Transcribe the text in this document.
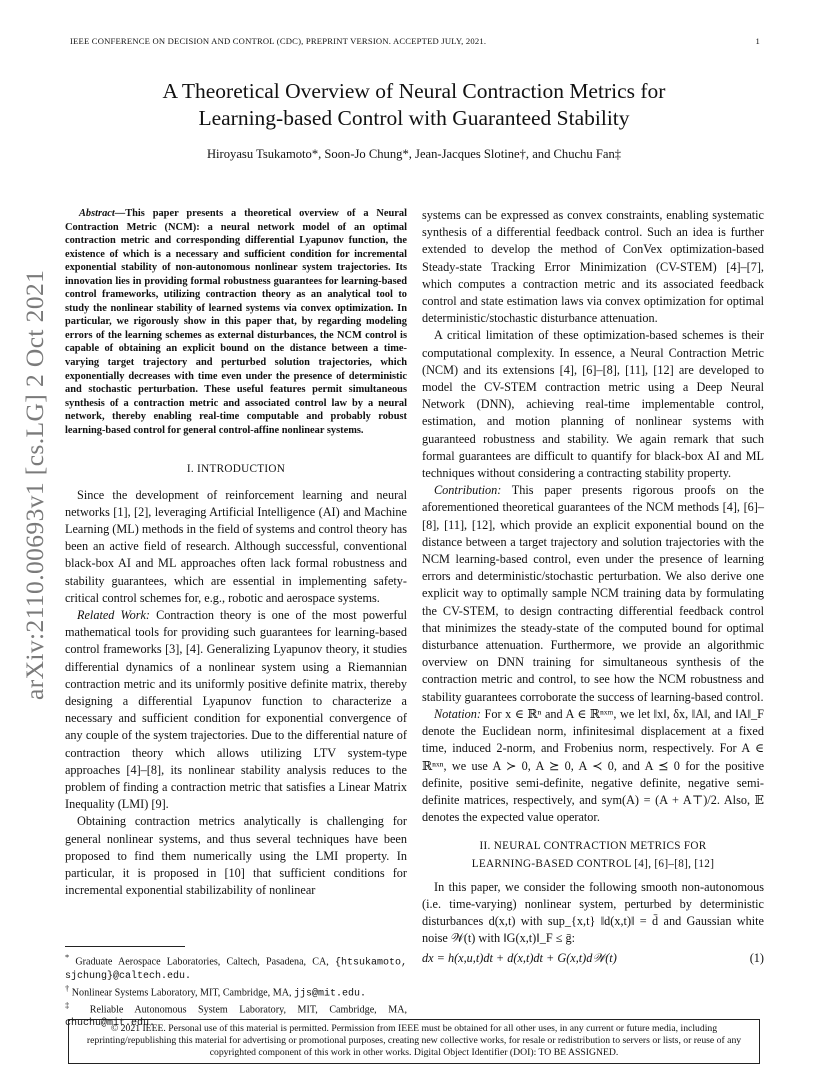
IEEE CONFERENCE ON DECISION AND CONTROL (CDC), PREPRINT VERSION. ACCEPTED JULY, 2021.	1
arXiv:2110.00693v1 [cs.LG] 2 Oct 2021
A Theoretical Overview of Neural Contraction Metrics for
Learning-based Control with Guaranteed Stability
Hiroyasu Tsukamoto*, Soon-Jo Chung*, Jean-Jacques Slotine†, and Chuchu Fan‡
Abstract—This paper presents a theoretical overview of a Neural Contraction Metric (NCM): a neural network model of an optimal contraction metric and corresponding differential Lyapunov function, the existence of which is a necessary and sufficient condition for incremental exponential stability of non-autonomous nonlinear system trajectories. Its innovation lies in providing formal robustness guarantees for learning-based control frameworks, utilizing contraction theory as an analytical tool to study the nonlinear stability of learned systems via convex optimization. In particular, we rigorously show in this paper that, by regarding modeling errors of the learning schemes as external disturbances, the NCM control is capable of obtaining an explicit bound on the distance between a time-varying target trajectory and perturbed solution trajectories, which exponentially decreases with time even under the presence of deterministic and stochastic perturbation. These useful features permit simultaneous synthesis of a contraction metric and associated control law by a neural network, thereby enabling real-time computable and probably robust learning-based control for general control-affine nonlinear systems.
I. INTRODUCTION

Since the development of reinforcement learning and neural networks [1], [2], leveraging Artificial Intelligence (AI) and Machine Learning (ML) methods in the field of systems and control theory has been an active field of research. Although successful, conventional black-box AI and ML approaches often lack formal robustness and stability guarantees, which are essential in implementing safety-critical control schemes for, e.g., robotic and aerospace systems.

Related Work: Contraction theory is one of the most powerful mathematical tools for providing such guarantees for learning-based control frameworks [3], [4]. Generalizing Lyapunov theory, it studies differential dynamics of a nonlinear system using a Riemannian contraction metric and its uniformly positive definite matrix, thereby designing a differential Lyapunov function to characterize a necessary and sufficient condition for exponential convergence of any couple of the system trajectories. Due to the differential nature of contraction theory which allows utilizing LTV system-type approaches [4]–[8], its nonlinear stability analysis reduces to the problem of finding a contraction metric that satisfies a Linear Matrix Inequality (LMI) [9].

Obtaining contraction metrics analytically is challenging for general nonlinear systems, and thus several techniques have been proposed to find them numerically using the LMI property. In particular, it is proposed in [10] that sufficient conditions for incremental exponential stabilizability of nonlinear

* Graduate Aerospace Laboratories, Caltech, Pasadena, CA, {htsukamoto, sjchung}@caltech.edu.
† Nonlinear Systems Laboratory, MIT, Cambridge, MA, jjs@mit.edu.
‡ Reliable Autonomous System Laboratory, MIT, Cambridge, MA, chuchu@mit.edu.

systems can be expressed as convex constraints, enabling systematic synthesis of a differential feedback control. Such an idea is further extended to develop the method of ConVex optimization-based Steady-state Tracking Error Minimization (CV-STEM) [4]–[7], which computes a contraction metric and its associated feedback control and state estimation laws via convex optimization for optimal deterministic/stochastic disturbance attenuation.

A critical limitation of these optimization-based schemes is their computational complexity. In essence, a Neural Contraction Metric (NCM) and its extensions [4], [6]–[8], [11], [12] are developed to model the CV-STEM contraction metric using a Deep Neural Network (DNN), achieving real-time implementable control, estimation, and motion planning of nonlinear systems with guaranteed robustness and stability. We again remark that such formal guarantees are difficult to quantify for black-box AI and ML techniques without considering a contracting stability property.

Contribution: This paper presents rigorous proofs on the aforementioned theoretical guarantees of the NCM methods [4], [6]–[8], [11], [12], which provide an explicit exponential bound on the distance between a target trajectory and solution trajectories with the NCM learning-based control, even under the presence of learning errors and deterministic/stochastic perturbation. We also derive one explicit way to optimally sample NCM training data by formulating the CV-STEM, to design contracting differential feedback control that minimizes the steady-state of the computed bound for optimal disturbance attenuation. Furthermore, we provide an algorithmic overview on DNN training for simultaneous synthesis of the contraction metric and control, to see how the NCM robustness and stability guarantees corroborate the success of learning-based control.

Notation: For x ∈ ℝⁿ and A ∈ ℝⁿˣᵐ, we let ‖x‖, δx, ‖A‖, and ‖A‖_F denote the Euclidean norm, infinitesimal displacement at a fixed time, induced 2-norm, and Frobenius norm, respectively. For A ∈ ℝⁿˣⁿ, we use A ≻ 0, A ⪰ 0, A ≺ 0, and A ⪯ 0 for the positive definite, positive semi-definite, negative definite, negative semi-definite matrices, respectively, and sym(A) = (A + A⊤)/2. Also, 𝔼 denotes the expected value operator.

II. NEURAL CONTRACTION METRICS FOR
LEARNING-BASED CONTROL [4], [6]–[8], [12]

In this paper, we consider the following smooth non-autonomous (i.e. time-varying) nonlinear system, perturbed by deterministic disturbances d(x,t) with sup_{x,t} ‖d(x,t)‖ = d̄ and Gaussian white noise 𝒲(t) with ‖G(x,t)‖_F ≤ ḡ:

dx = h(x,u,t)dt + d(x,t)dt + G(x,t)d𝒲(t)	(1)
© 2021 IEEE. Personal use of this material is permitted. Permission from IEEE must be obtained for all other uses, in any current or future media, including reprinting/republishing this material for advertising or promotional purposes, creating new collective works, for resale or redistribution to servers or lists, or reuse of any copyrighted component of this work in other works. Digital Object Identifier (DOI): TO BE ASSIGNED.
